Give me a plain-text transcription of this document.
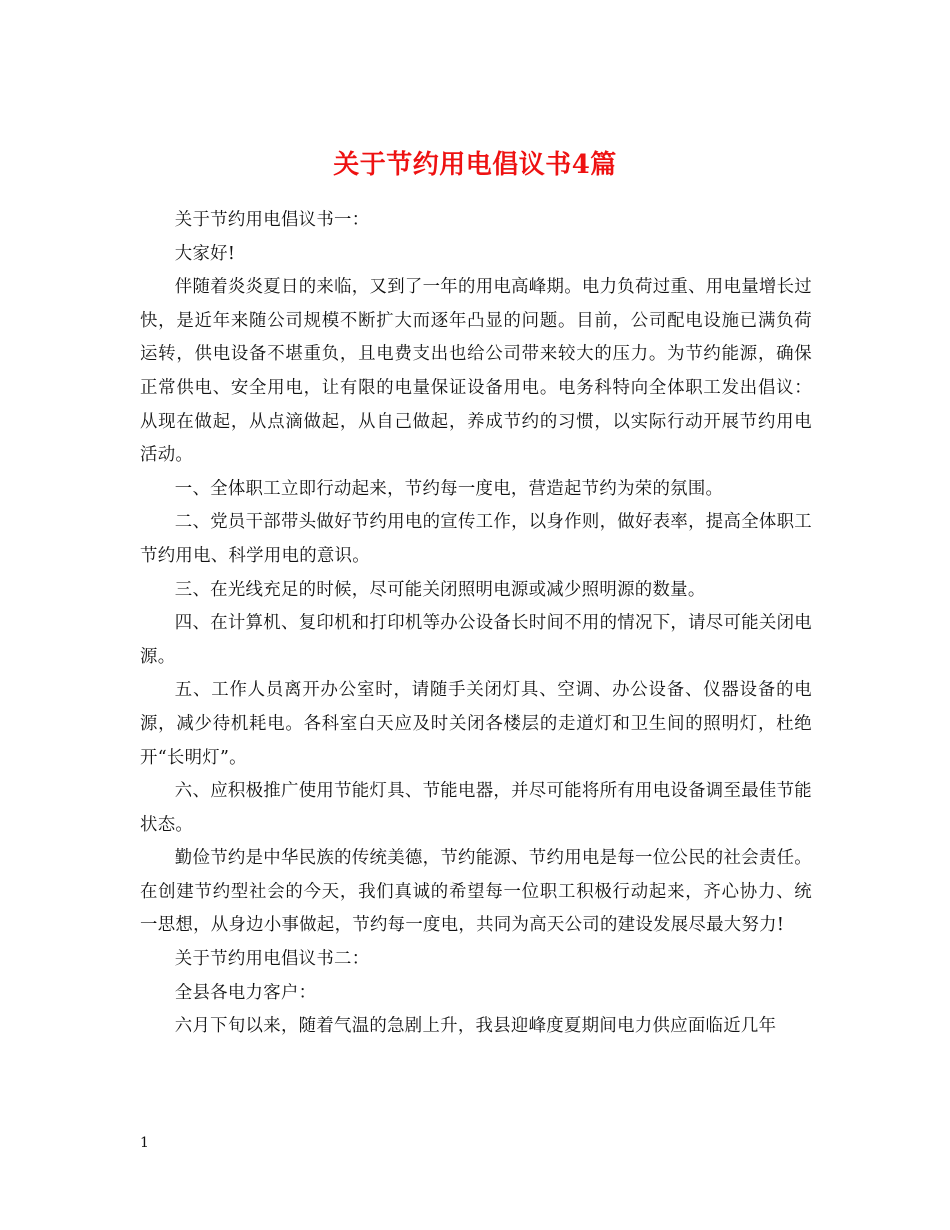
关于节约用电倡议书4篇

关于节约用电倡议书一：

大家好!

伴随着炎炎夏日的来临，又到了一年的用电高峰期。电力负荷过重、用电量增长过快，是近年来随公司规模不断扩大而逐年凸显的问题。目前，公司配电设施已满负荷运转，供电设备不堪重负，且电费支出也给公司带来较大的压力。为节约能源，确保正常供电、安全用电，让有限的电量保证设备用电。电务科特向全体职工发出倡议：从现在做起，从点滴做起，从自己做起，养成节约的习惯，以实际行动开展节约用电活动。

一、全体职工立即行动起来，节约每一度电，营造起节约为荣的氛围。

二、党员干部带头做好节约用电的宣传工作，以身作则，做好表率，提高全体职工节约用电、科学用电的意识。

三、在光线充足的时候，尽可能关闭照明电源或减少照明源的数量。

四、在计算机、复印机和打印机等办公设备长时间不用的情况下，请尽可能关闭电源。

五、工作人员离开办公室时，请随手关闭灯具、空调、办公设备、仪器设备的电源，减少待机耗电。各科室白天应及时关闭各楼层的走道灯和卫生间的照明灯，杜绝开“长明灯”。

六、应积极推广使用节能灯具、节能电器，并尽可能将所有用电设备调至最佳节能状态。

勤俭节约是中华民族的传统美德，节约能源、节约用电是每一位公民的社会责任。在创建节约型社会的今天，我们真诚的希望每一位职工积极行动起来，齐心协力、统一思想，从身边小事做起，节约每一度电，共同为高天公司的建设发展尽最大努力!

关于节约用电倡议书二：

全县各电力客户：

六月下旬以来，随着气温的急剧上升，我县迎峰度夏期间电力供应面临近几年

1
